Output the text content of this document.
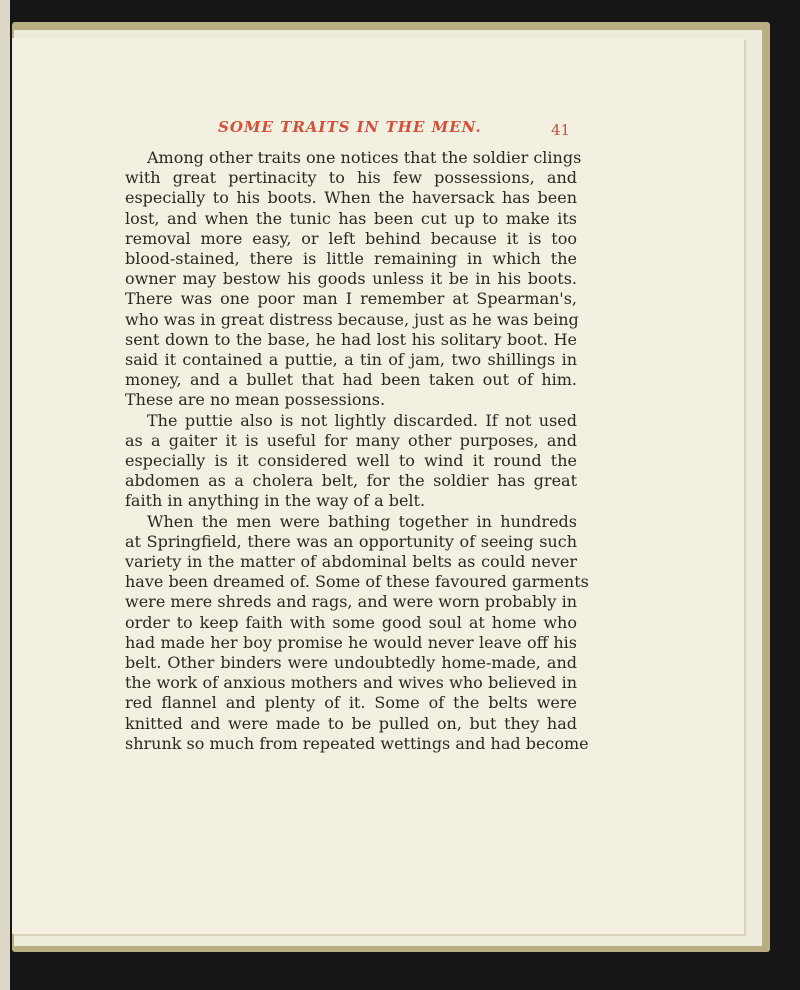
SOME TRAITS IN THE MEN.	41

Among other traits one notices that the soldier clings
with great pertinacity to his few possessions, and
especially to his boots. When the haversack has been
lost, and when the tunic has been cut up to make its
removal more easy, or left behind because it is too
blood-stained, there is little remaining in which the
owner may bestow his goods unless it be in his boots.
There was one poor man I remember at Spearman's,
who was in great distress because, just as he was being
sent down to the base, he had lost his solitary boot. He
said it contained a puttie, a tin of jam, two shillings in
money, and a bullet that had been taken out of him.
These are no mean possessions.
The puttie also is not lightly discarded. If not used
as a gaiter it is useful for many other purposes, and
especially is it considered well to wind it round the
abdomen as a cholera belt, for the soldier has great
faith in anything in the way of a belt.
When the men were bathing together in hundreds
at Springfield, there was an opportunity of seeing such
variety in the matter of abdominal belts as could never
have been dreamed of. Some of these favoured garments
were mere shreds and rags, and were worn probably in
order to keep faith with some good soul at home who
had made her boy promise he would never leave off his
belt. Other binders were undoubtedly home-made, and
the work of anxious mothers and wives who believed in
red flannel and plenty of it. Some of the belts were
knitted and were made to be pulled on, but they had
shrunk so much from repeated wettings and had become
